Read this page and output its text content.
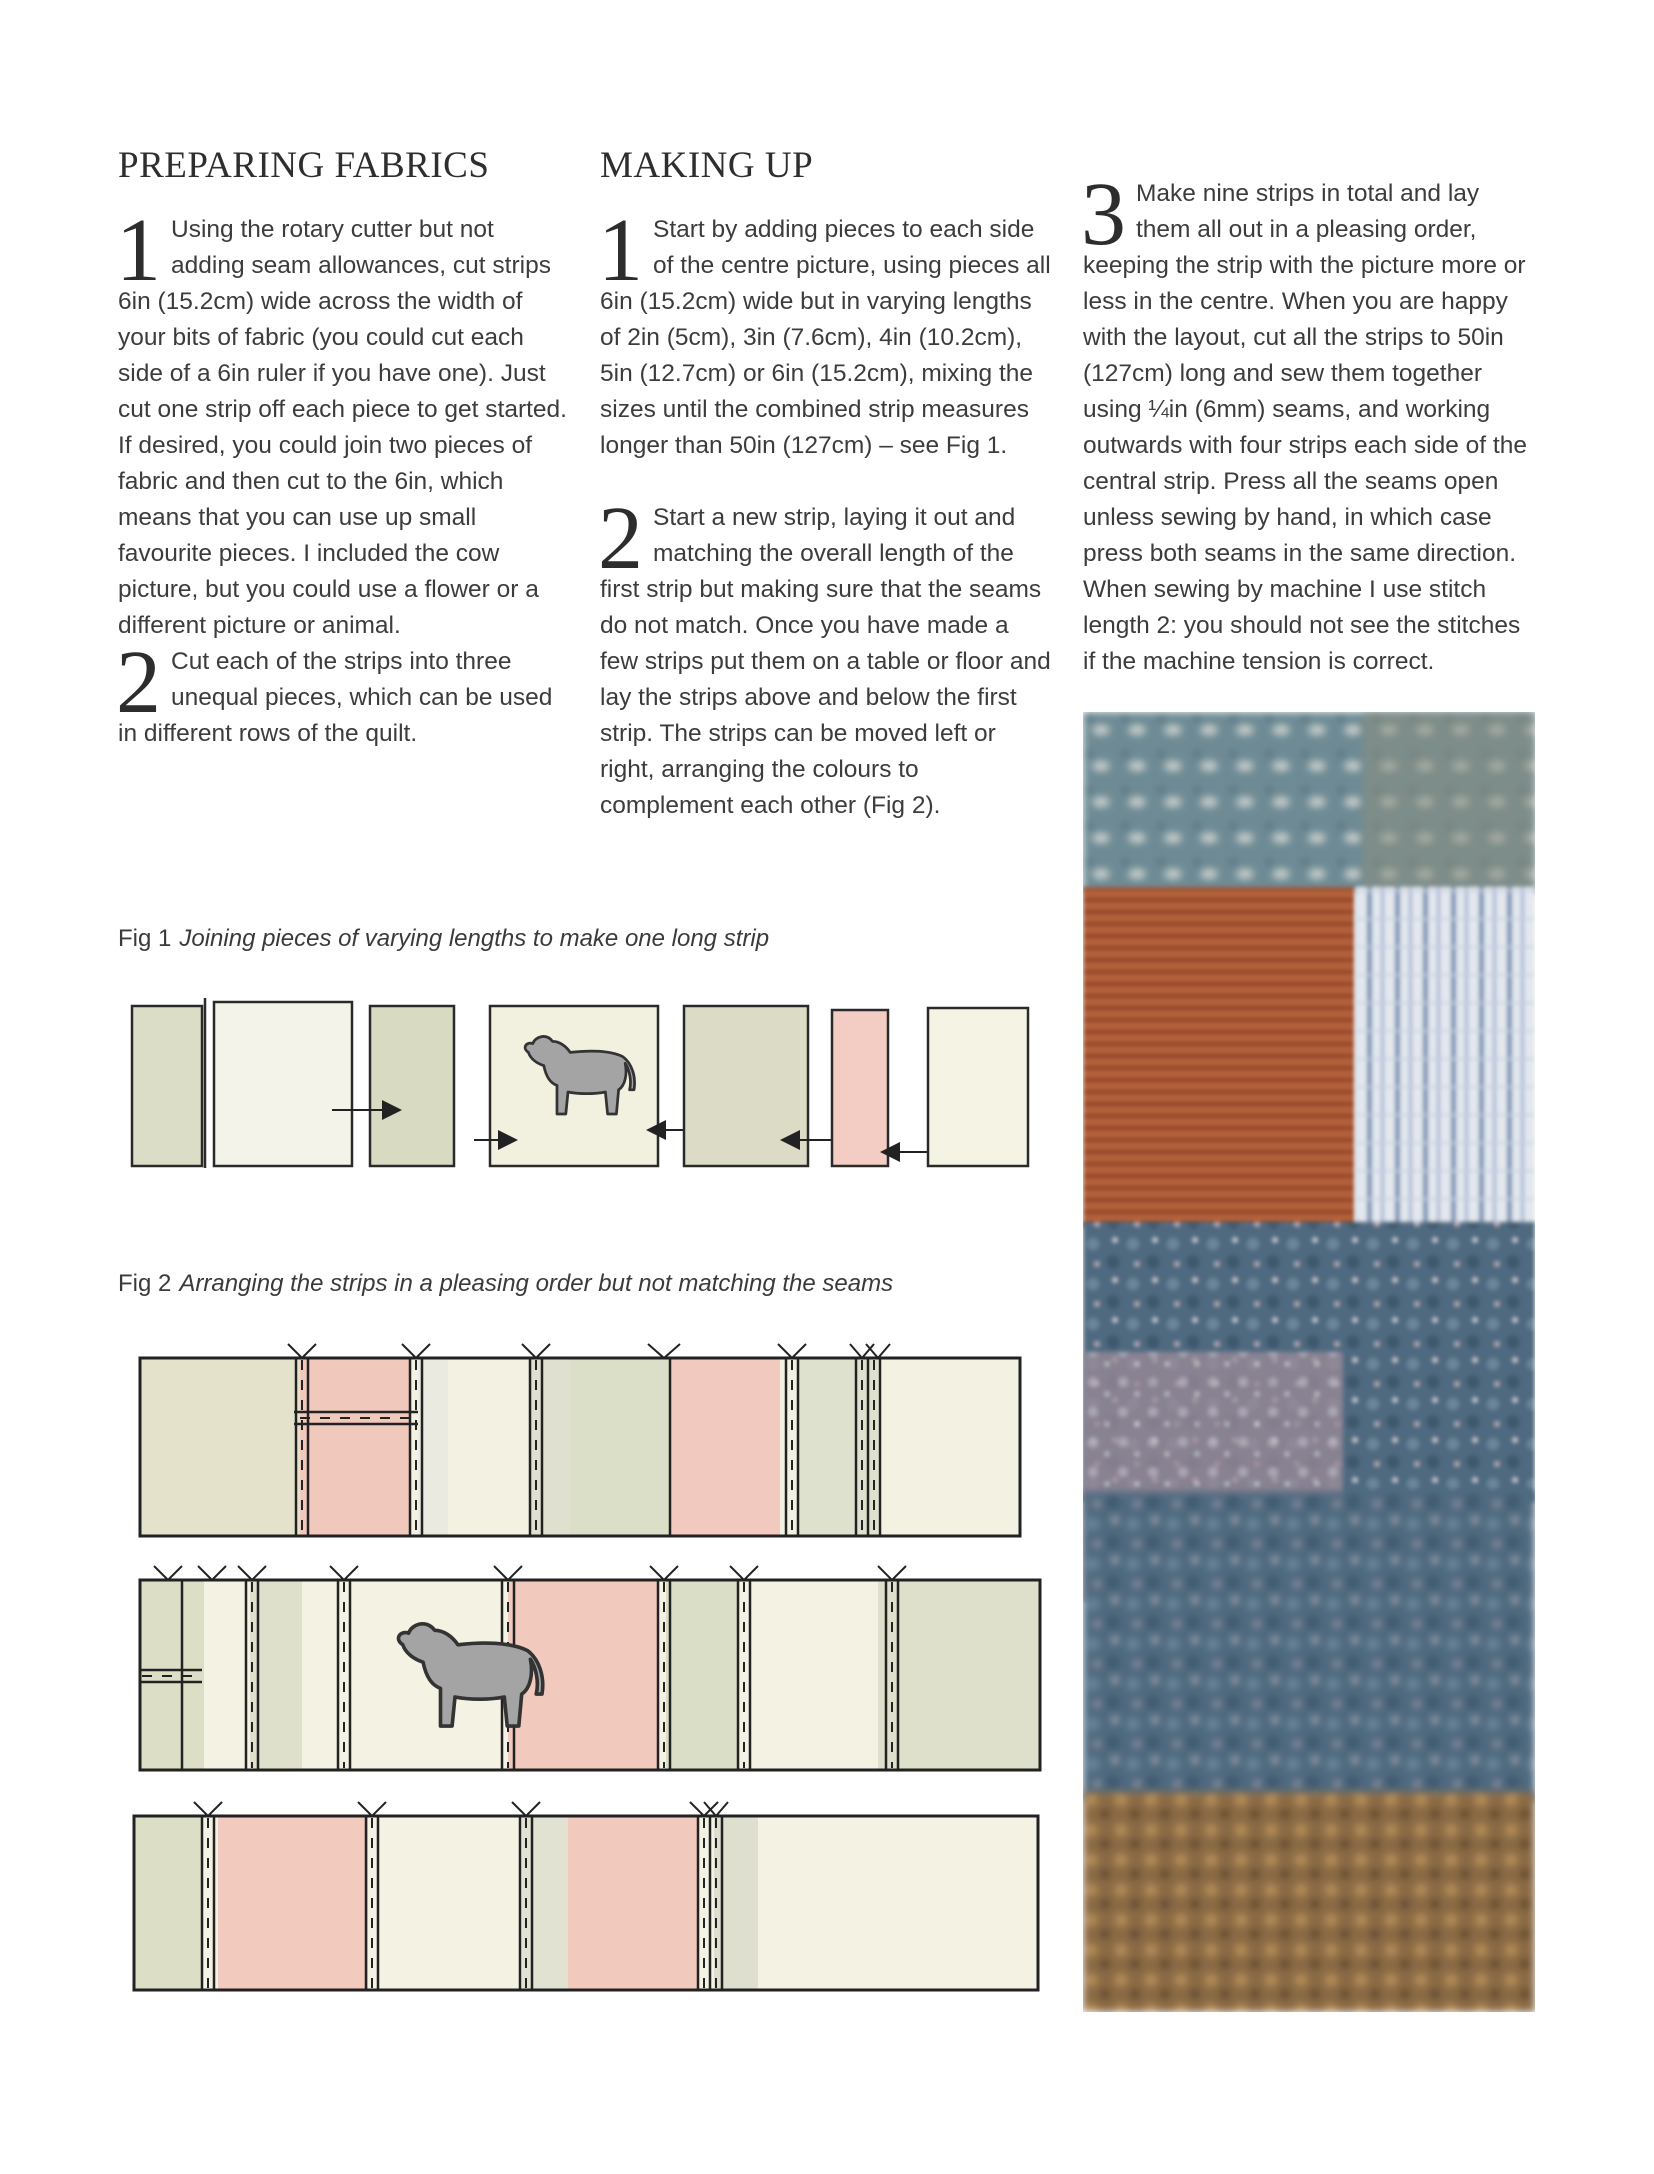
PREPARING FABRICS
1 Using the rotary cutter but not adding seam allowances, cut strips 6in (15.2cm) wide across the width of your bits of fabric (you could cut each side of a 6in ruler if you have one). Just cut one strip off each piece to get started. If desired, you could join two pieces of fabric and then cut to the 6in, which means that you can use up small favourite pieces. I included the cow picture, but you could use a flower or a different picture or animal.

2 Cut each of the strips into three unequal pieces, which can be used in different rows of the quilt.

MAKING UP
1 Start by adding pieces to each side of the centre picture, using pieces all 6in (15.2cm) wide but in varying lengths of 2in (5cm), 3in (7.6cm), 4in (10.2cm), 5in (12.7cm) or 6in (15.2cm), mixing the sizes until the combined strip measures longer than 50in (127cm) – see Fig 1.

2 Start a new strip, laying it out and matching the overall length of the first strip but making sure that the seams do not match. Once you have made a few strips put them on a table or floor and lay the strips above and below the first strip. The strips can be moved left or right, arranging the colours to complement each other (Fig 2).

3 Make nine strips in total and lay them all out in a pleasing order, keeping the strip with the picture more or less in the centre. When you are happy with the layout, cut all the strips to 50in (127cm) long and sew them together using ¼in (6mm) seams, and working outwards with four strips each side of the central strip. Press all the seams open unless sewing by hand, in which case press both seams in the same direction. When sewing by machine I use stitch length 2: you should not see the stitches if the machine tension is correct.

Fig 1 Joining pieces of varying lengths to make one long strip
Fig 2 Arranging the strips in a pleasing order but not matching the seams
